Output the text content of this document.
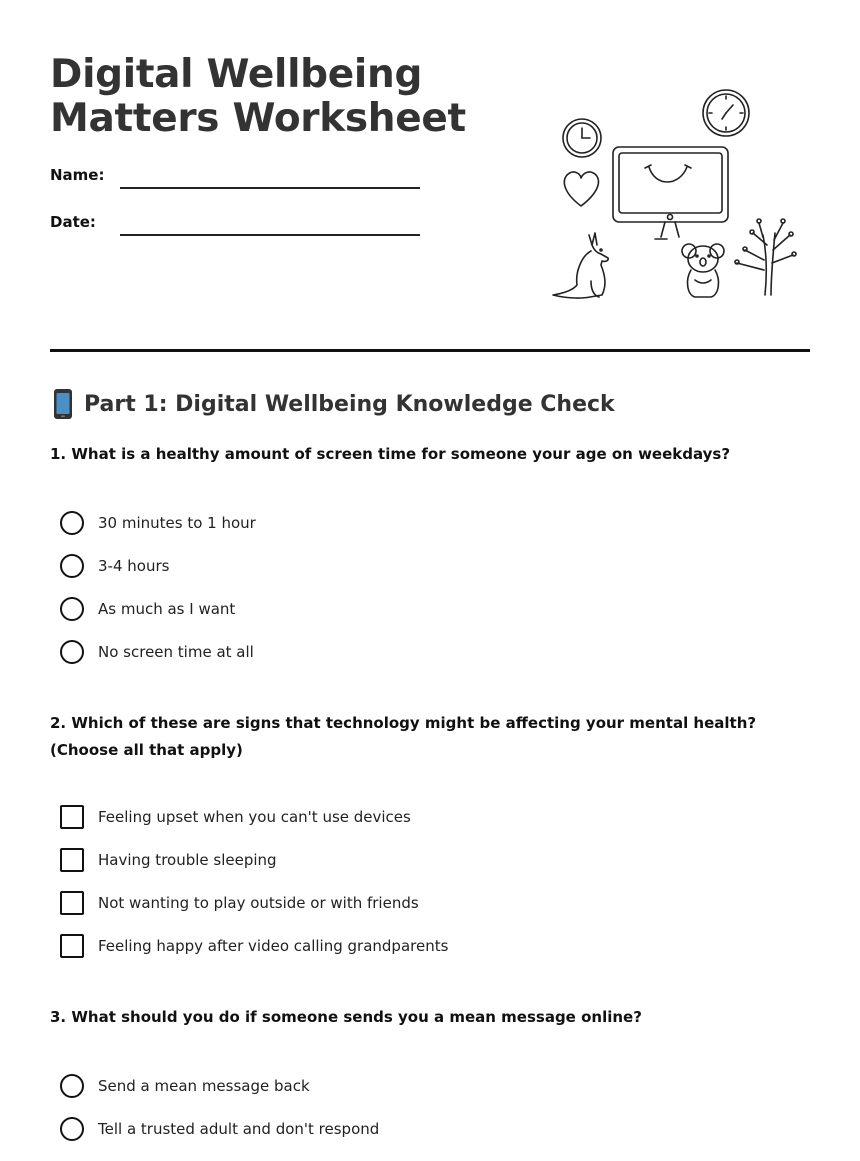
Digital Wellbeing
Matters Worksheet
Name:
Date:
Part 1: Digital Wellbeing Knowledge Check

1. What is a healthy amount of screen time for someone your age on weekdays?

30 minutes to 1 hour
3-4 hours
As much as I want
No screen time at all

2. Which of these are signs that technology might be affecting your mental health? (Choose all that apply)

Feeling upset when you can't use devices
Having trouble sleeping
Not wanting to play outside or with friends
Feeling happy after video calling grandparents

3. What should you do if someone sends you a mean message online?

Send a mean message back
Tell a trusted adult and don't respond
